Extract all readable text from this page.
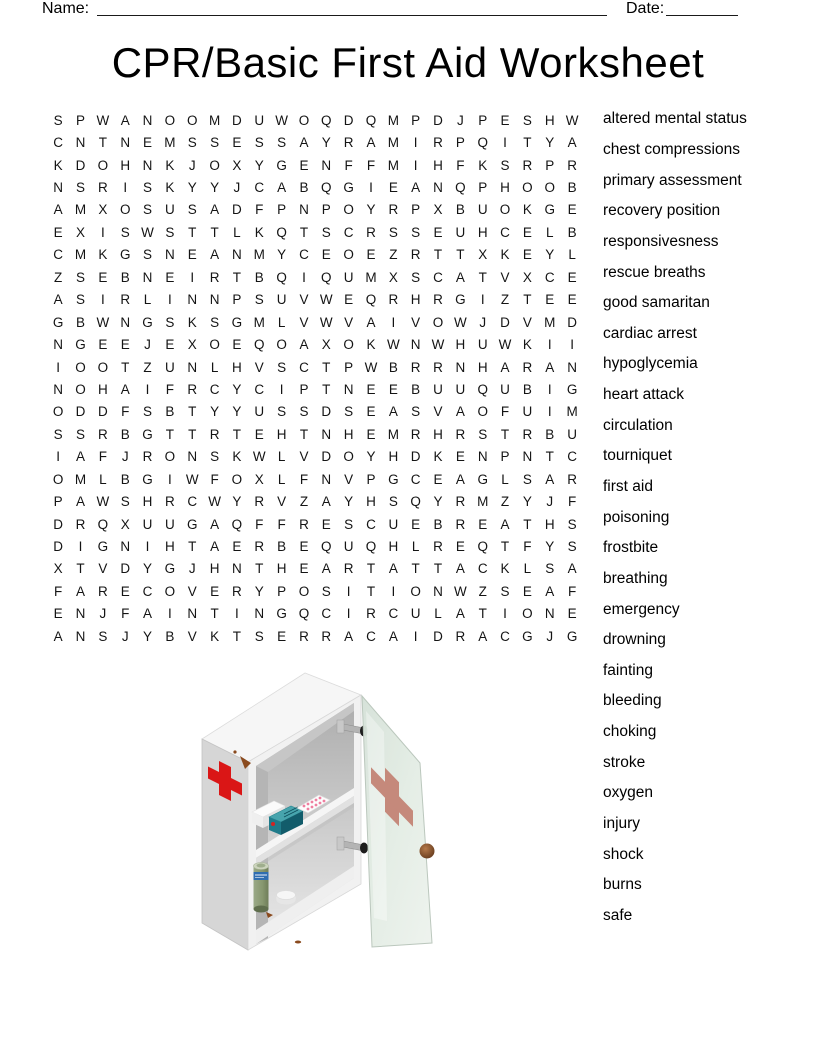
Name:	Date:
CPR/Basic First Aid Worksheet
S P W A N O O M D U W O Q D Q M P D	J	P E S H W
C N T N E M S S E S S A Y R A M	I	R P Q	I	T	Y A
K D O H N K	J	O X Y G E N F	F M	I	H F	K S R P R
N S R	I	S K Y Y	J	C A B Q G	I	E A N Q P H O O B
A M X O S U S A D F	P N P O Y R P X B U O K G E
E X	I	S W S	T	T	L	K Q T	S C R S S E U H C E	L	B
C M K G S N E A N M Y C E O E	Z R T	T	X K E Y	L
Z	S E B N E	I	R T	B Q	I	Q U M X S C A	T	V X C E
A S	I	R	L	I	N N P S U V W E Q R H R G	I	Z	T	E E
G B W N G S K S G M L	V W V A	I	V O W J	D V M D
N G E E	J	E X O E Q O A X O K W N W H U W K	I	I
I	O O T	Z U N	L	H V S C T	P W B R R N H A R A N
N O H A	I	F R C Y C	I	P	T N E E B U U Q U B	I	G
O D D F	S B	T	Y Y U S S D S E A S V A O F U	I	M
S S R B G T	T R T	E H T N H E M R H R S	T R B U
I	A	F	J	R O N S K W L	V D O Y H D K E N P N T C
O M L	B G	I	W F O X	L	F N V P G C E A G L	S A R
P A W S H R C W Y R V	Z	A Y H S Q Y R M Z	Y	J	F
D R Q X U U G A Q F	F R E S C U E B R E A	T H S
D	I	G N	I	H T	A E R B E Q U Q H	L	R E Q T	F	Y S
X	T	V D Y G	J	H N T H E A R T	A	T	T	A C K	L	S A
F	A R E C O V E R Y P O S	I	T	I	O N W Z	S E A	F
E N	J	F	A	I	N T	I	N G Q C	I	R C U	L	A	T	I	O N E
A N S	J	Y B V K	T	S E R R A C A	I	D R A C G	J	G
altered mental status
chest compressions
primary assessment
recovery position
responsivesness
rescue breaths
good samaritan
cardiac arrest
hypoglycemia
heart attack
circulation
tourniquet
first aid
poisoning
frostbite
breathing
emergency
drowning
fainting
bleeding
choking
stroke
oxygen
injury
shock
burns
safe
